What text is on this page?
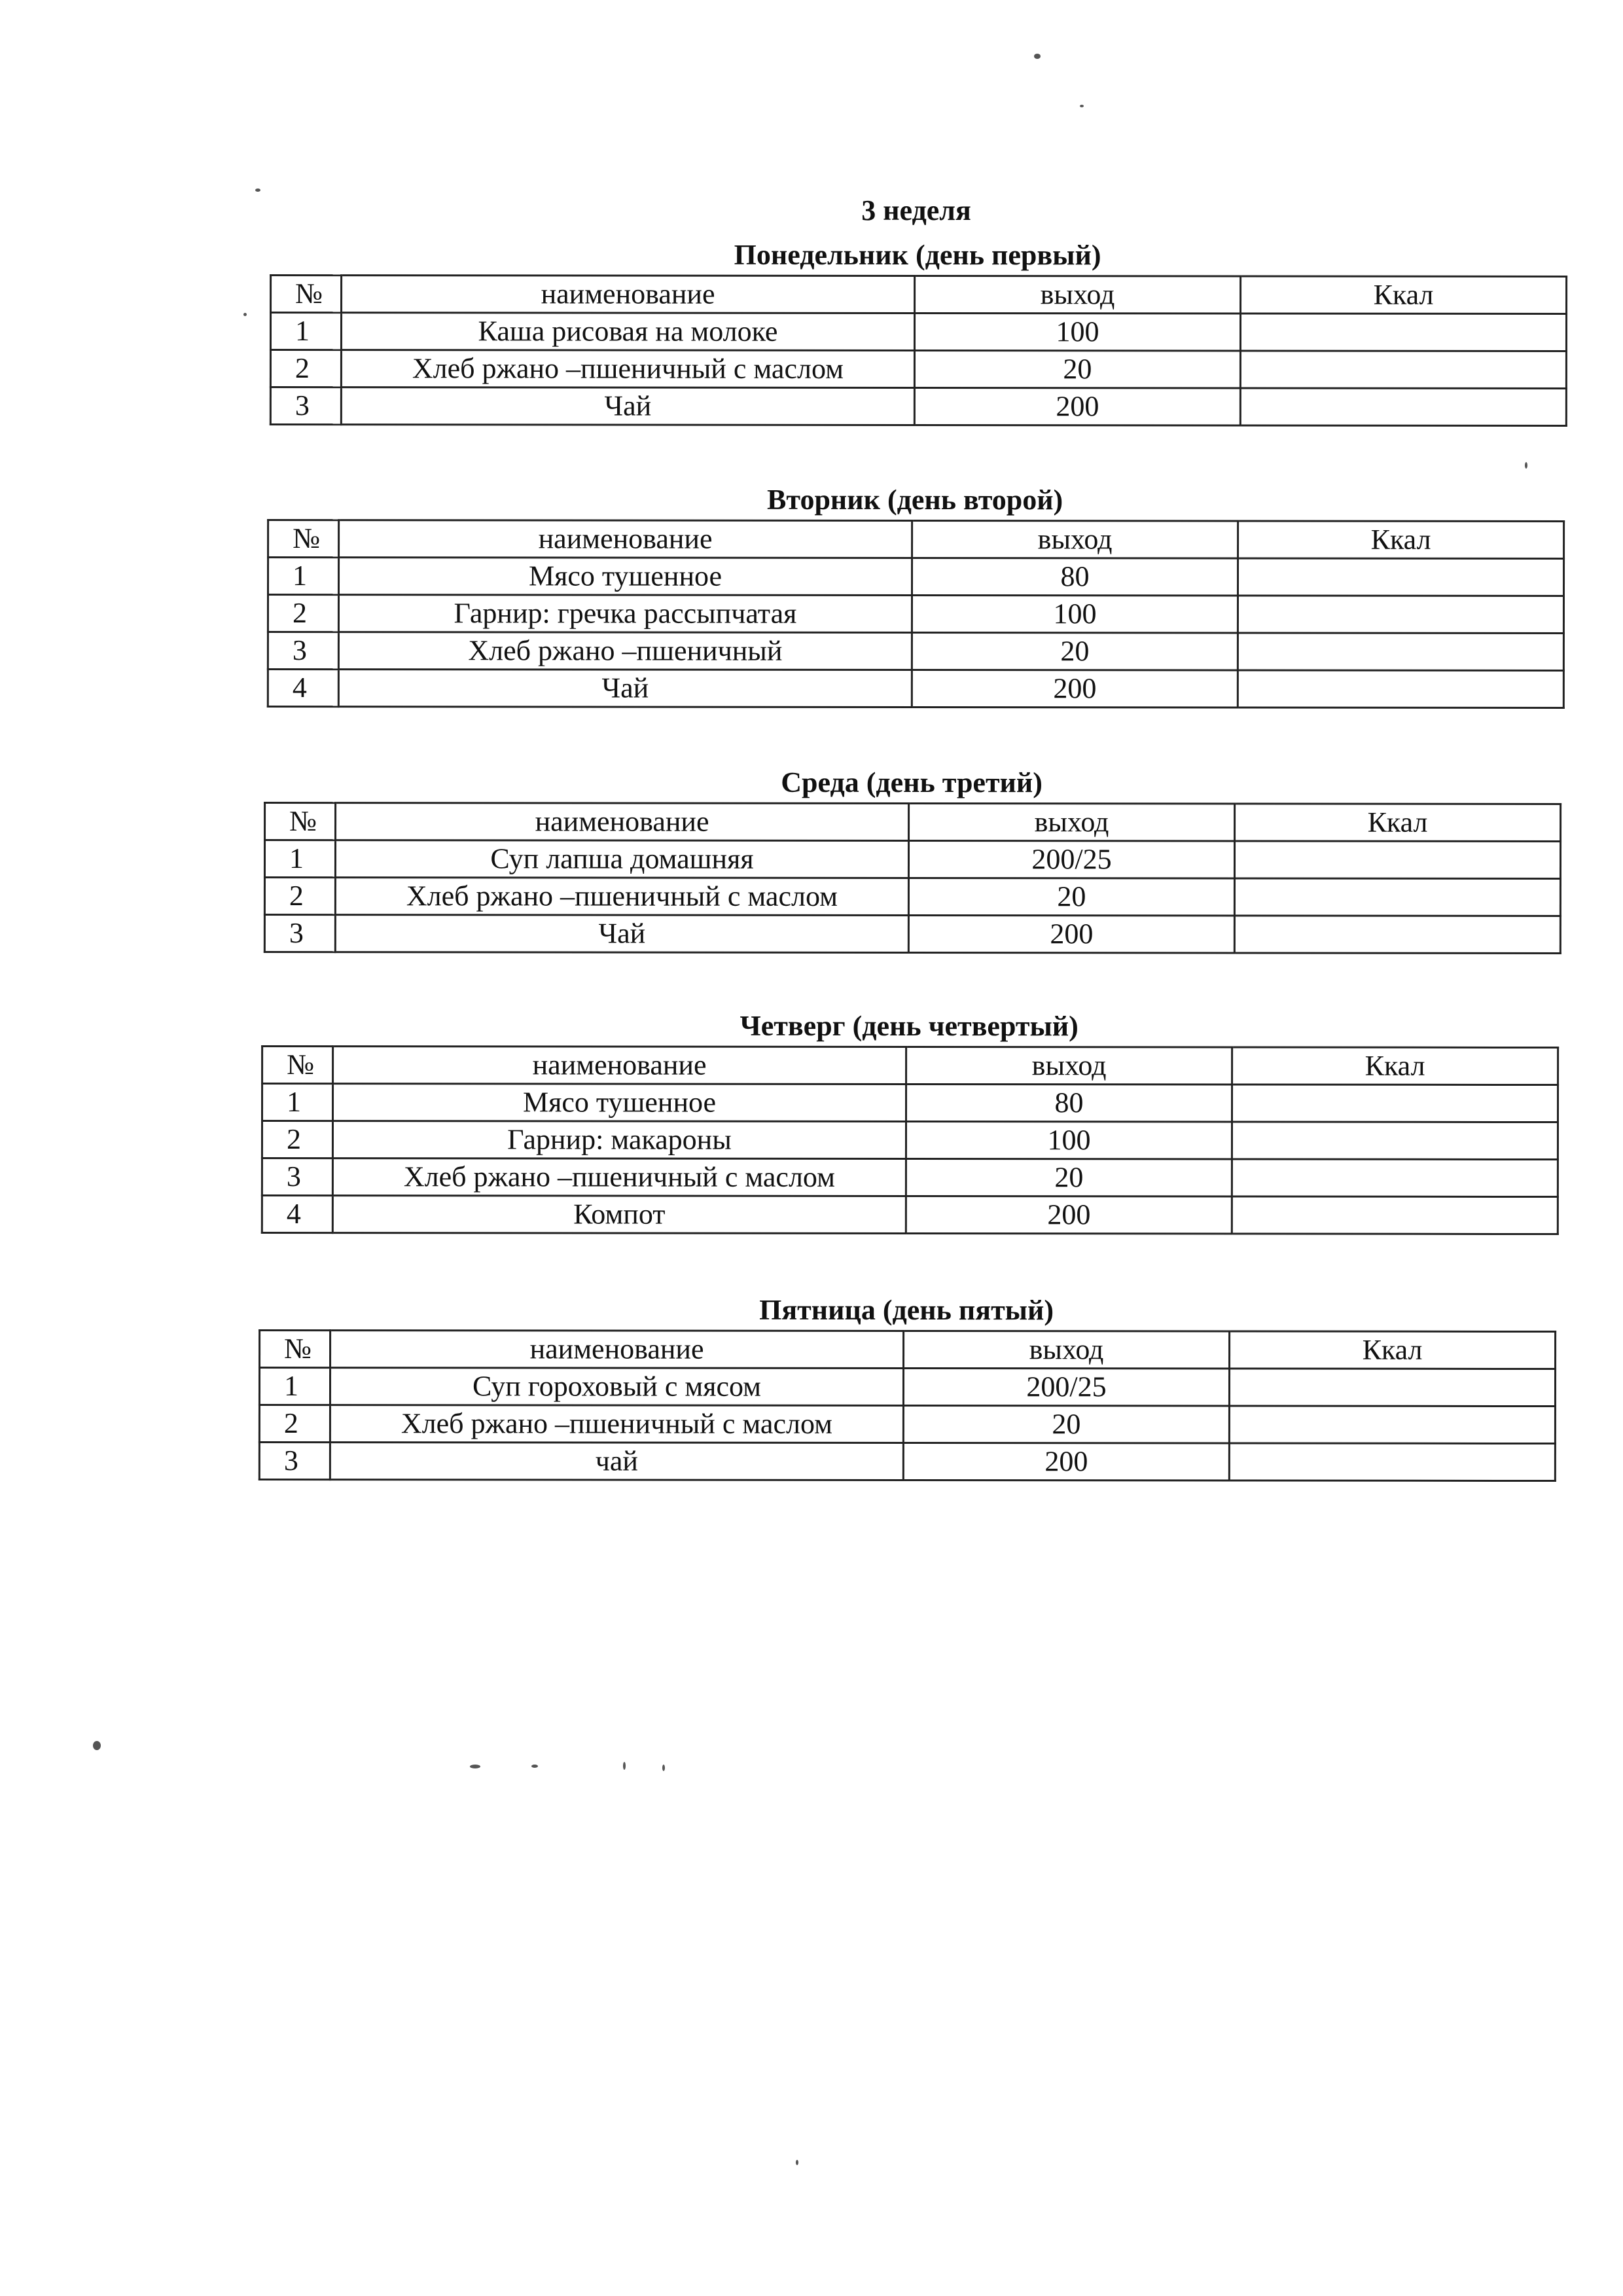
3 неделя
Понедельник (день первый)
№	наименование	выход	Ккал
1	Каша рисовая на молоке	100	
2	Хлеб ржано –пшеничный с маслом	20	
3	Чай	200	
Вторник (день второй)
№	наименование	выход	Ккал
1	Мясо тушенное	80	
2	Гарнир: гречка рассыпчатая	100	
3	Хлеб ржано –пшеничный	20	
4	Чай	200	
Среда (день третий)
№	наименование	выход	Ккал
1	Суп лапша домашняя	200/25	
2	Хлеб ржано –пшеничный с маслом	20	
3	Чай	200	
Четверг (день четвертый)
№	наименование	выход	Ккал
1	Мясо тушенное	80	
2	Гарнир: макароны	100	
3	Хлеб ржано –пшеничный с маслом	20	
4	Компот	200	
Пятница (день пятый)
№	наименование	выход	Ккал
1	Суп гороховый с мясом	200/25	
2	Хлеб ржано –пшеничный с маслом	20	
3	чай	200	
